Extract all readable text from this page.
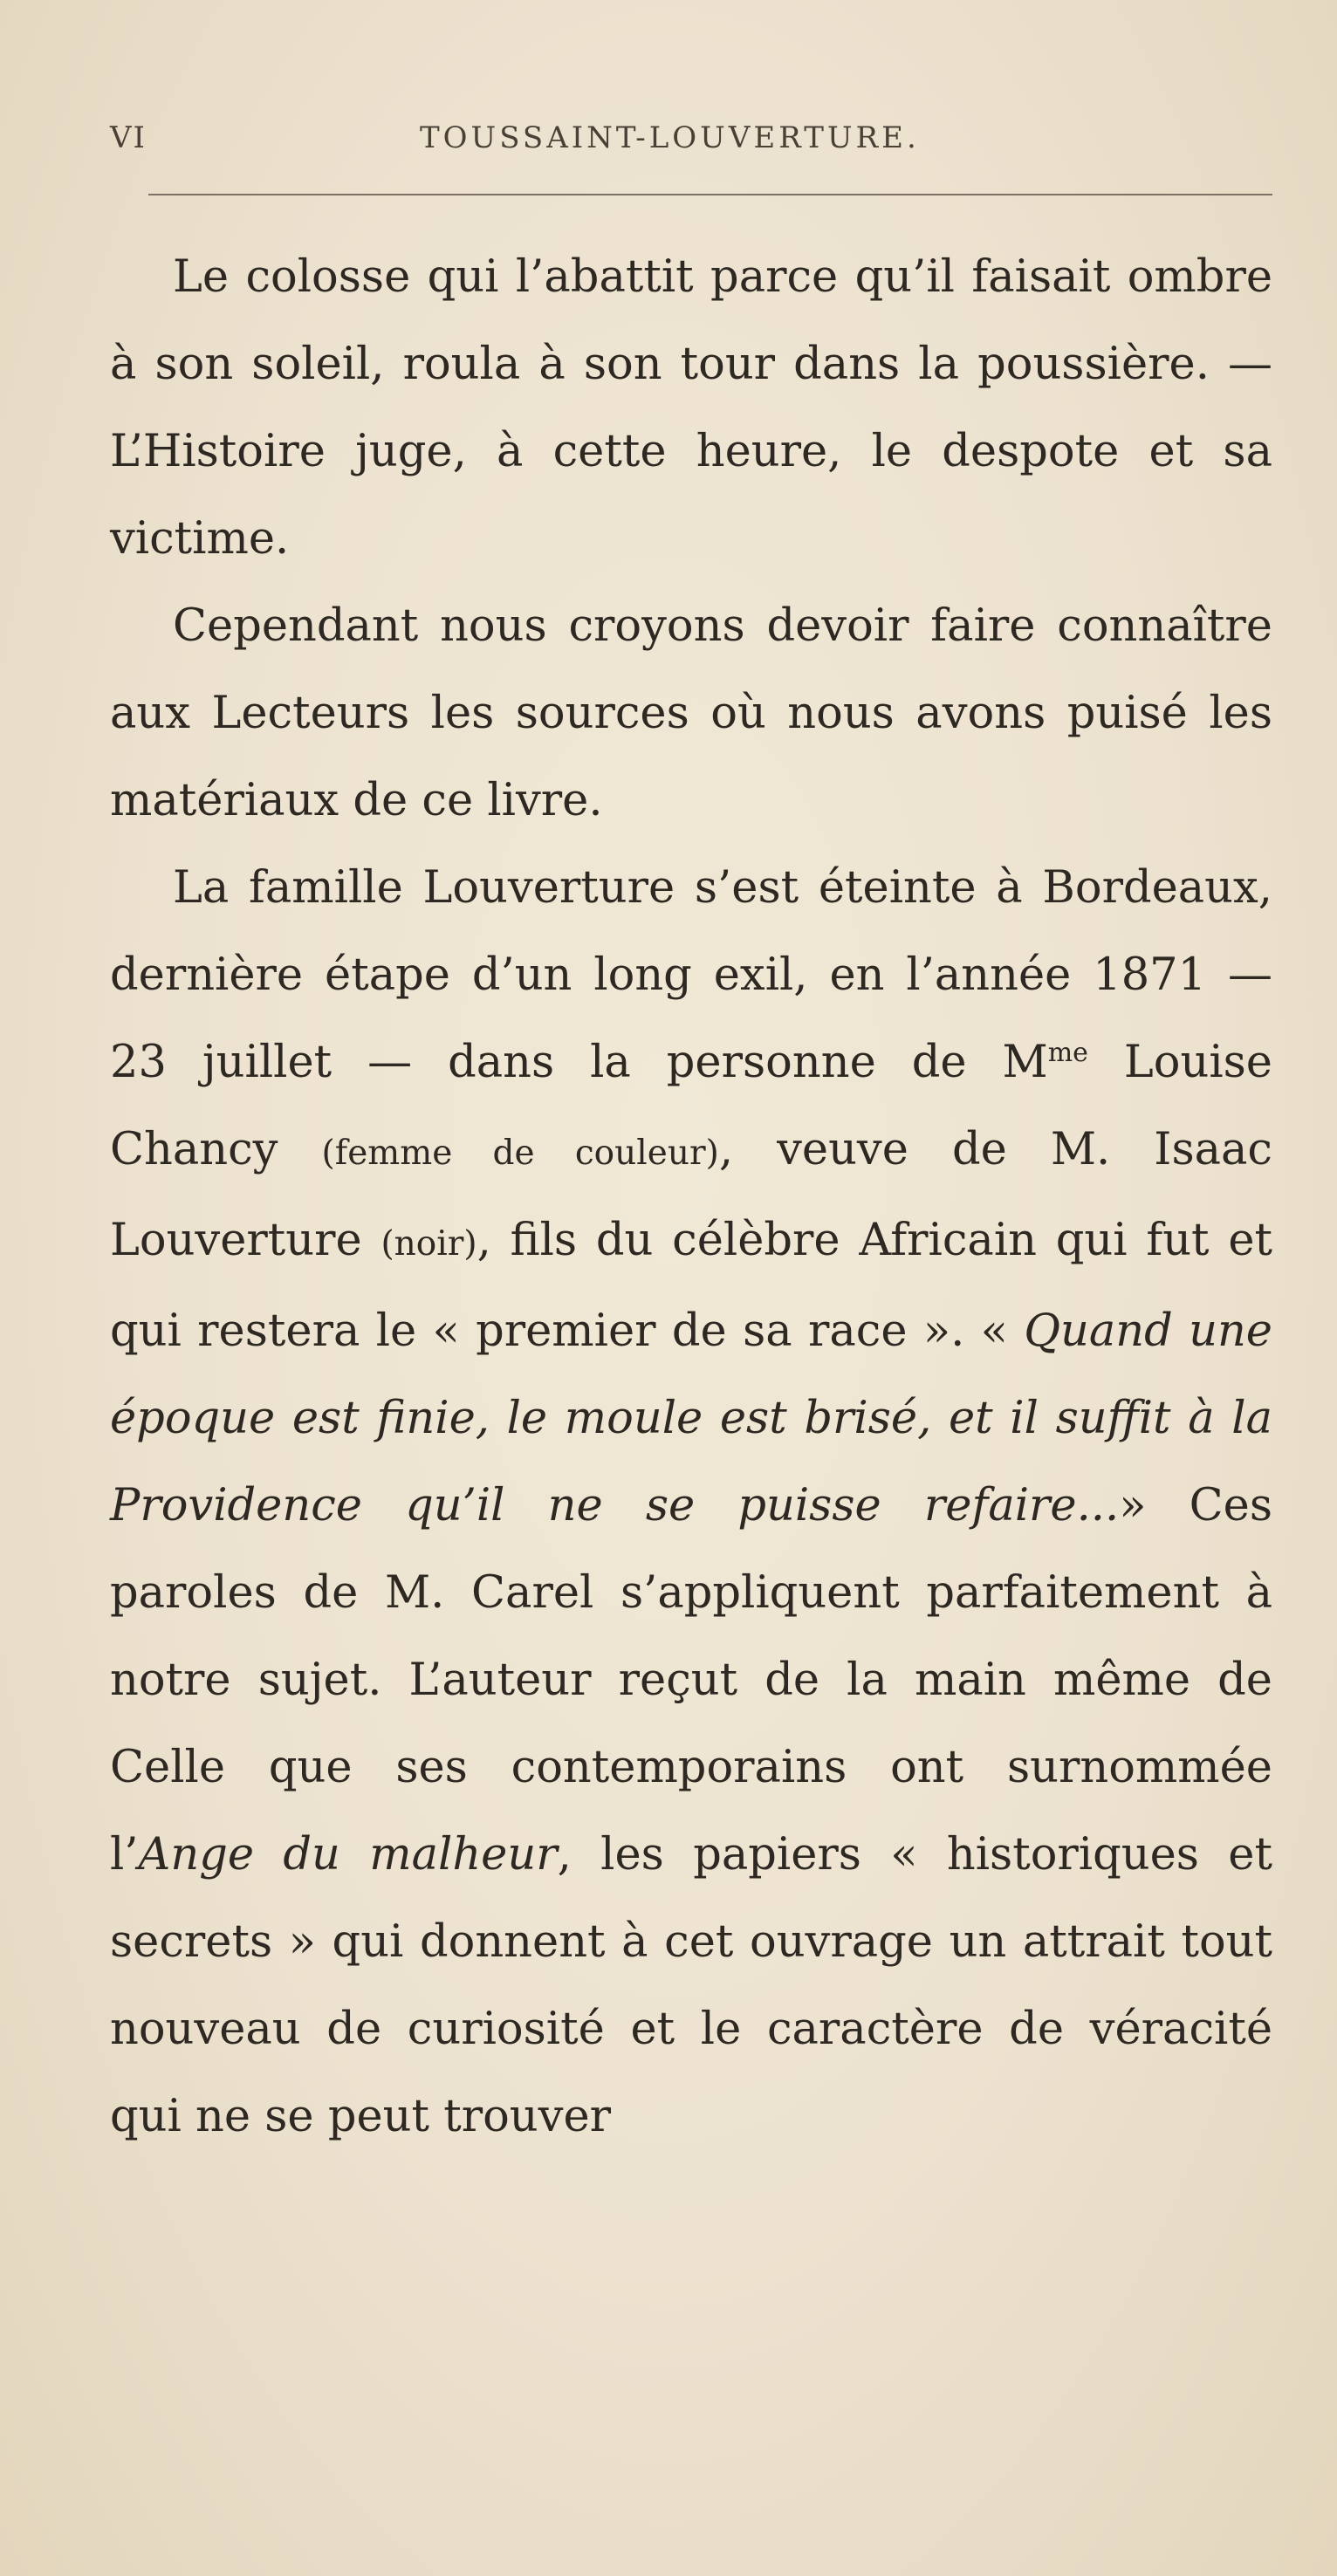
VI	TOUSSAINT-LOUVERTURE.

Le colosse qui l’abattit parce qu’il faisait ombre à son soleil, roula à son tour dans la poussière. — L’Histoire juge, à cette heure, le despote et sa victime.

Cependant nous croyons devoir faire connaître aux Lecteurs les sources où nous avons puisé les matériaux de ce livre.

La famille Louverture s’est éteinte à Bordeaux, dernière étape d’un long exil, en l’année 1871 — 23 juillet — dans la personne de $M^{me}$ Louise Chancy (femme de couleur), veuve de M. Isaac Louverture (noir), fils du célèbre Africain qui fut et qui restera le « premier de sa race ». « Quand une époque est finie, le moule est brisé, et il suffit à la Providence qu’il ne se puisse refaire...» Ces paroles de M. Carel s’appliquent parfaitement à notre sujet. L’auteur reçut de la main même de Celle que ses contemporains ont surnommée l’Ange du malheur, les papiers « historiques et secrets » qui donnent à cet ouvrage un attrait tout nouveau de curiosité et le caractère de véracité qui ne se peut trouver
